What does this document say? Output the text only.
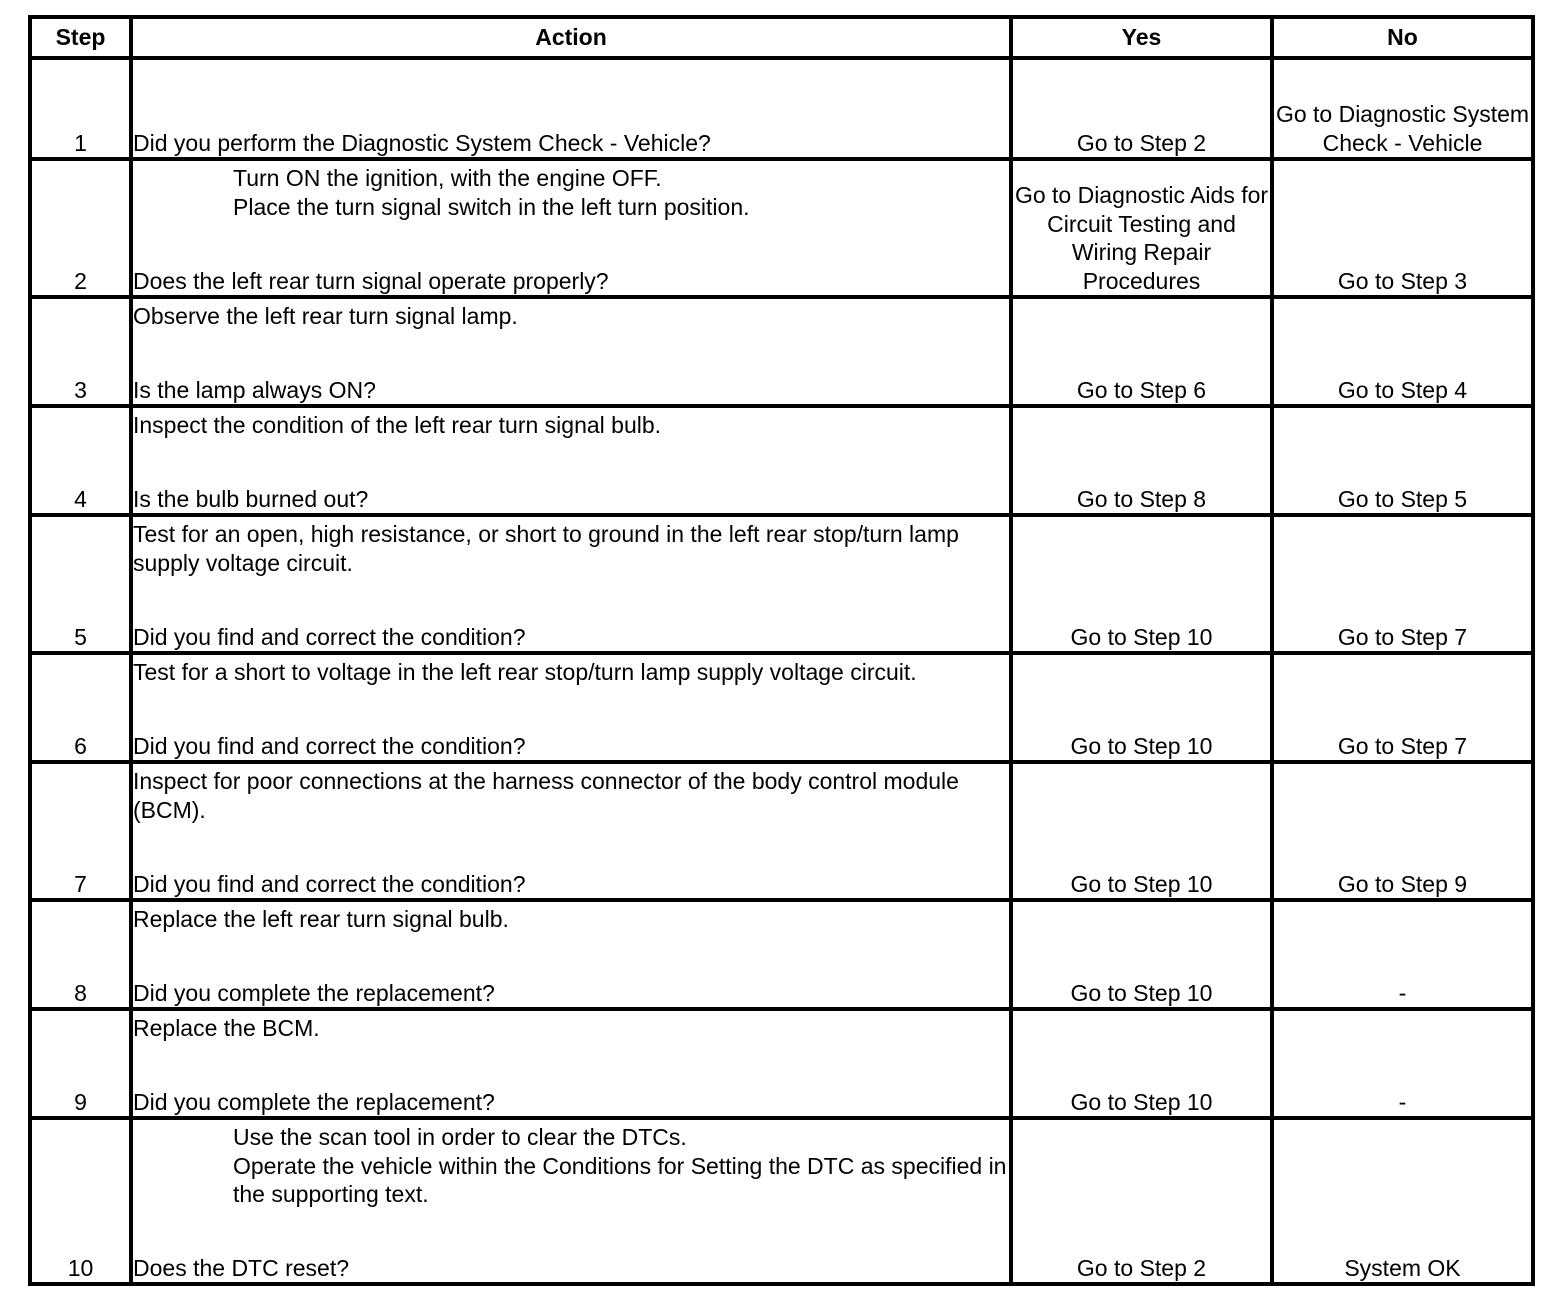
Step	Action	Yes	No
1	Did you perform the Diagnostic System Check - Vehicle?	Go to Step 2	Go to Diagnostic System Check - Vehicle
2	Turn ON the ignition, with the engine OFF.
Place the turn signal switch in the left turn position.
Does the left rear turn signal operate properly?	Go to Diagnostic Aids for Circuit Testing and Wiring Repair Procedures	Go to Step 3
3	Observe the left rear turn signal lamp.
Is the lamp always ON?	Go to Step 6	Go to Step 4
4	Inspect the condition of the left rear turn signal bulb.
Is the bulb burned out?	Go to Step 8	Go to Step 5
5	Test for an open, high resistance, or short to ground in the left rear stop/turn lamp supply voltage circuit.
Did you find and correct the condition?	Go to Step 10	Go to Step 7
6	Test for a short to voltage in the left rear stop/turn lamp supply voltage circuit.
Did you find and correct the condition?	Go to Step 10	Go to Step 7
7	Inspect for poor connections at the harness connector of the body control module (BCM).
Did you find and correct the condition?	Go to Step 10	Go to Step 9
8	Replace the left rear turn signal bulb.
Did you complete the replacement?	Go to Step 10	-
9	Replace the BCM.
Did you complete the replacement?	Go to Step 10	-
10	Use the scan tool in order to clear the DTCs.
Operate the vehicle within the Conditions for Setting the DTC as specified in the supporting text.
Does the DTC reset?	Go to Step 2	System OK
